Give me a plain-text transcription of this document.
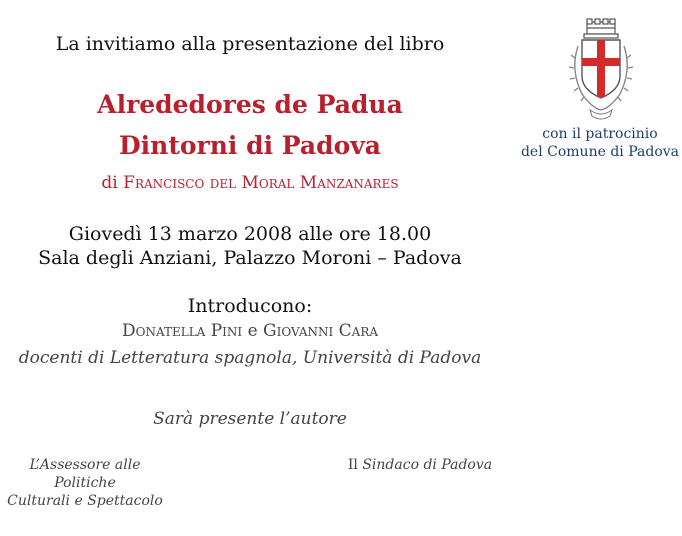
La invitiamo alla presentazione del libro
Alrededores de Padua
Dintorni di Padova
di Francisco del Moral Manzanares
Giovedì 13 marzo 2008 alle ore 18.00
Sala degli Anziani, Palazzo Moroni – Padova
Introducono:
Donatella Pini e Giovanni Cara
docenti di Letteratura spagnola, Università di Padova
Sarà presente l’autore
L’Assessore alle Politiche
Culturali e Spettacolo
Il Sindaco di Padova
con il patrocinio
del Comune di Padova
